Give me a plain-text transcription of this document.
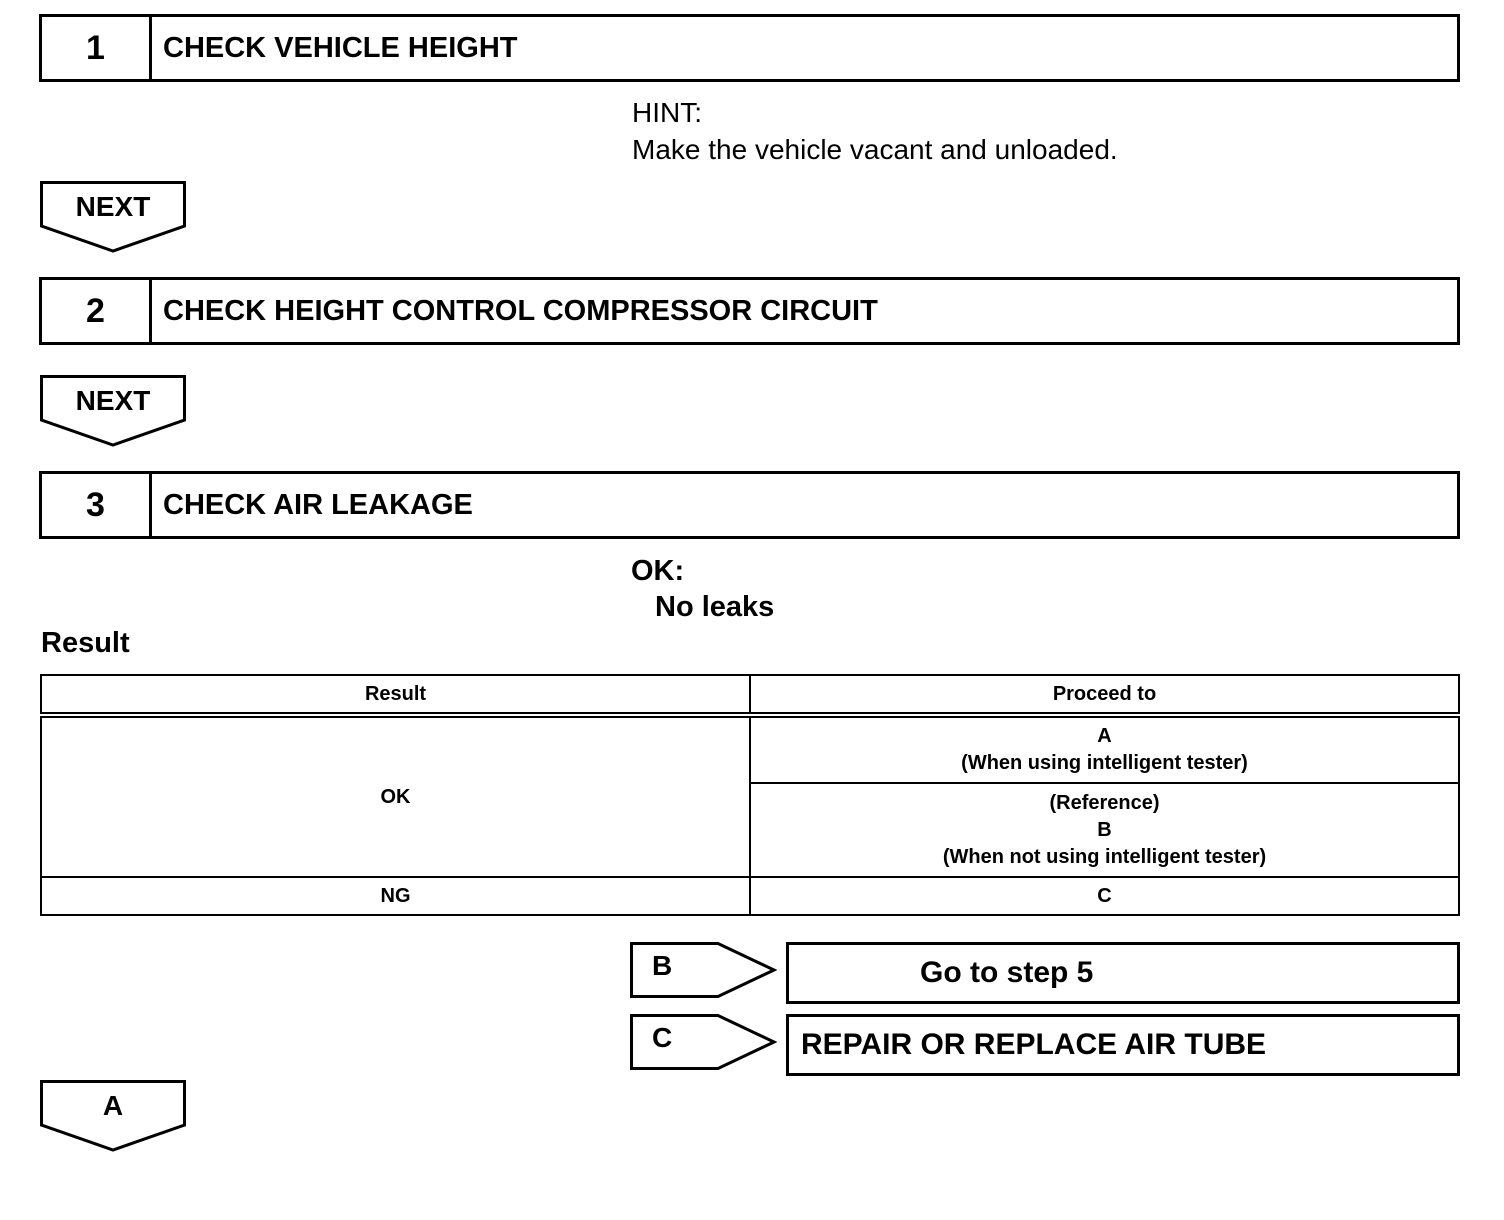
1	CHECK VEHICLE HEIGHT
HINT:
Make the vehicle vacant and unloaded.
NEXT
2	CHECK HEIGHT CONTROL COMPRESSOR CIRCUIT
NEXT
3	CHECK AIR LEAKAGE
OK:
No leaks
Result
Result	Proceed to
OK	A
(When using intelligent tester)

	(Reference)
B
(When not using intelligent tester)

NG	C
B	Go to step 5
C	REPAIR OR REPLACE AIR TUBE
A
